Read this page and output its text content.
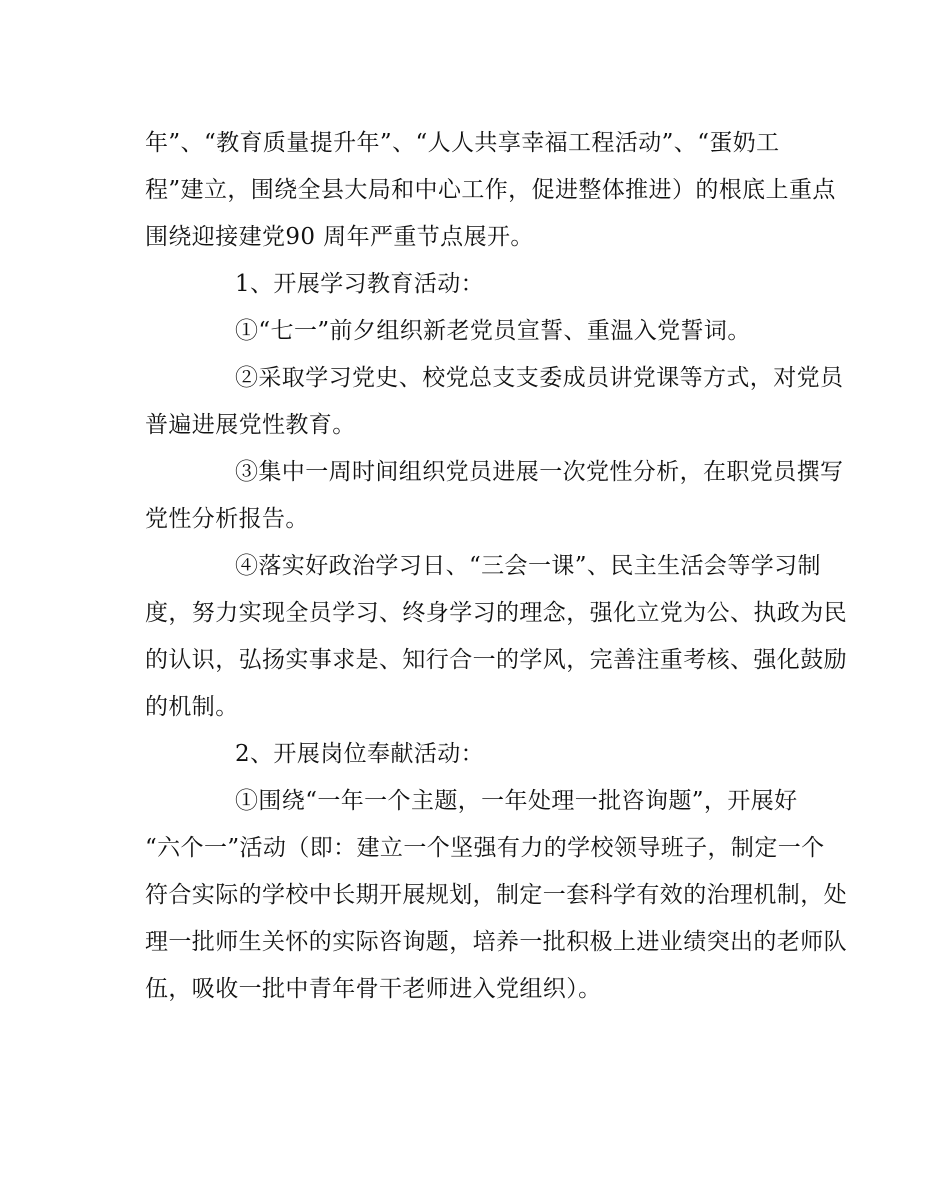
年”、“教育质量提升年”、“人人共享幸福工程活动”、“蛋奶工
程”建立，围绕全县大局和中心工作，促进整体推进）的根底上重点
围绕迎接建党90 周年严重节点展开。
1、开展学习教育活动：
①“七一”前夕组织新老党员宣誓、重温入党誓词。
②采取学习党史、校党总支支委成员讲党课等方式，对党员
普遍进展党性教育。
③集中一周时间组织党员进展一次党性分析，在职党员撰写
党性分析报告。
④落实好政治学习日、“三会一课”、民主生活会等学习制
度，努力实现全员学习、终身学习的理念，强化立党为公、执政为民
的认识，弘扬实事求是、知行合一的学风，完善注重考核、强化鼓励
的机制。
2、开展岗位奉献活动：
①围绕“一年一个主题，一年处理一批咨询题”，开展好
“六个一”活动（即：建立一个坚强有力的学校领导班子，制定一个
符合实际的学校中长期开展规划，制定一套科学有效的治理机制，处
理一批师生关怀的实际咨询题，培养一批积极上进业绩突出的老师队
伍，吸收一批中青年骨干老师进入党组织）。
